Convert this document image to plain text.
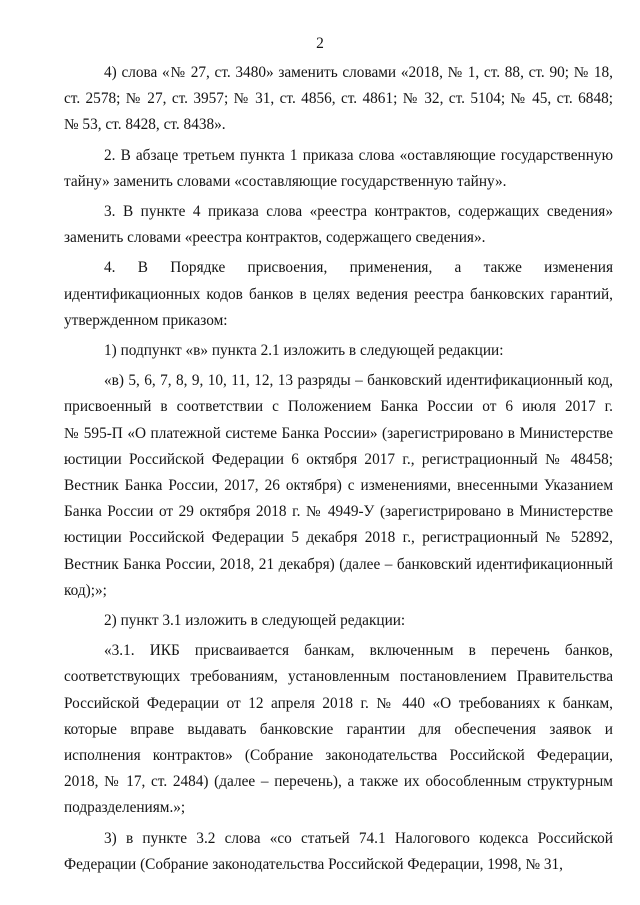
2
4) слова «№ 27, ст. 3480» заменить словами «2018, № 1, ст. 88, ст. 90; № 18,
ст. 2578; № 27, ст. 3957; № 31, ст. 4856, ст. 4861; № 32, ст. 5104; № 45, ст. 6848;
№ 53, ст. 8428, ст. 8438».
2. В абзаце третьем пункта 1 приказа слова «оставляющие государственную
тайну» заменить словами «составляющие государственную тайну».
3. В пункте 4 приказа слова «реестра контрактов, содержащих сведения»
заменить словами «реестра контрактов, содержащего сведения».
4. В Порядке присвоения, применения, а также изменения
идентификационных кодов банков в целях ведения реестра банковских гарантий,
утвержденном приказом:
1) подпункт «в» пункта 2.1 изложить в следующей редакции:
«в) 5, 6, 7, 8, 9, 10, 11, 12, 13 разряды – банковский идентификационный код,
присвоенный в соответствии с Положением Банка России от 6 июля 2017 г.
№ 595-П «О платежной системе Банка России» (зарегистрировано в Министерстве
юстиции Российской Федерации 6 октября 2017 г., регистрационный № 48458;
Вестник Банка России, 2017, 26 октября) с изменениями, внесенными Указанием
Банка России от 29 октября 2018 г. № 4949-У (зарегистрировано в Министерстве
юстиции Российской Федерации 5 декабря 2018 г., регистрационный № 52892,
Вестник Банка России, 2018, 21 декабря) (далее – банковский идентификационный
код);»;
2) пункт 3.1 изложить в следующей редакции:
«3.1. ИКБ присваивается банкам, включенным в перечень банков,
соответствующих требованиям, установленным постановлением Правительства
Российской Федерации от 12 апреля 2018 г. № 440 «О требованиях к банкам,
которые вправе выдавать банковские гарантии для обеспечения заявок и
исполнения контрактов» (Собрание законодательства Российской Федерации,
2018, № 17, ст. 2484) (далее – перечень), а также их обособленным структурным
подразделениям.»;
3) в пункте 3.2 слова «со статьей 74.1 Налогового кодекса Российской
Федерации (Собрание законодательства Российской Федерации, 1998, № 31,
